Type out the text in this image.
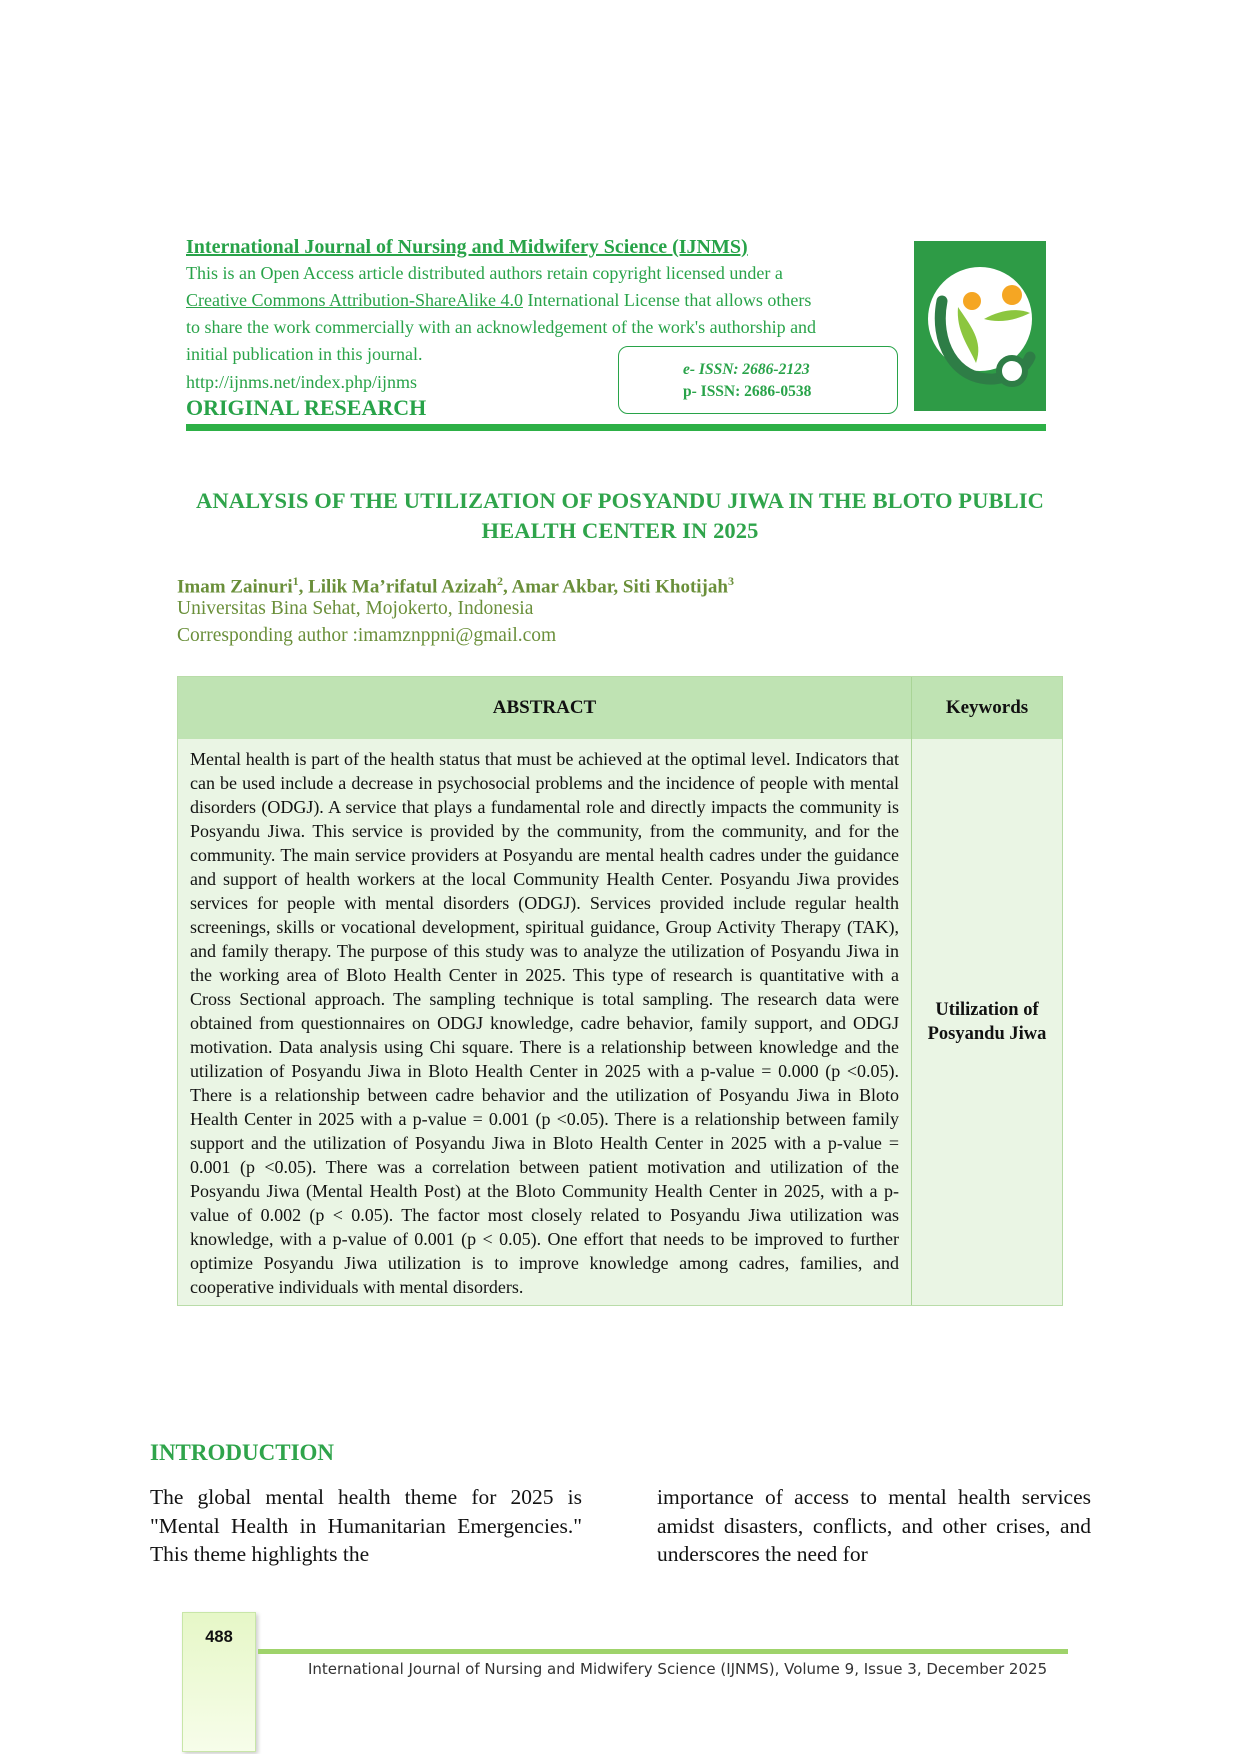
International Journal of Nursing and Midwifery Science (IJNMS)
This is an Open Access article distributed authors retain copyright licensed under a
Creative Commons Attribution-ShareAlike 4.0 International License that allows others
to share the work commercially with an acknowledgement of the work's authorship and
initial publication in this journal.
http://ijnms.net/index.php/ijnms
ORIGINAL RESEARCH
e- ISSN: 2686-2123
p- ISSN: 2686-0538
ANALYSIS OF THE UTILIZATION OF POSYANDU JIWA IN THE BLOTO PUBLIC HEALTH CENTER IN 2025
Imam Zainuri$^1$, Lilik Ma’rifatul Azizah$^2$, Amar Akbar, Siti Khotijah$^3$
Universitas Bina Sehat, Mojokerto, Indonesia
Corresponding author :imamznppni@gmail.com
ABSTRACT	Keywords
Mental health is part of the health status that must be achieved at the optimal level. Indicators that can be used include a decrease in psychosocial problems and the incidence of people with mental disorders (ODGJ). A service that plays a fundamental role and directly impacts the community is Posyandu Jiwa. This service is provided by the community, from the community, and for the community. The main service providers at Posyandu are mental health cadres under the guidance and support of health workers at the local Community Health Center. Posyandu Jiwa provides services for people with mental disorders (ODGJ). Services provided include regular health screenings, skills or vocational development, spiritual guidance, Group Activity Therapy (TAK), and family therapy. The purpose of this study was to analyze the utilization of Posyandu Jiwa in the working area of Bloto Health Center in 2025. This type of research is quantitative with a Cross Sectional approach. The sampling technique is total sampling. The research data were obtained from questionnaires on ODGJ knowledge, cadre behavior, family support, and ODGJ motivation. Data analysis using Chi square. There is a relationship between knowledge and the utilization of Posyandu Jiwa in Bloto Health Center in 2025 with a p-value = 0.000 (p <0.05). There is a relationship between cadre behavior and the utilization of Posyandu Jiwa in Bloto Health Center in 2025 with a p-value = 0.001 (p <0.05). There is a relationship between family support and the utilization of Posyandu Jiwa in Bloto Health Center in 2025 with a p-value = 0.001 (p <0.05). There was a correlation between patient motivation and utilization of the Posyandu Jiwa (Mental Health Post) at the Bloto Community Health Center in 2025, with a p-value of 0.002 (p < 0.05). The factor most closely related to Posyandu Jiwa utilization was knowledge, with a p-value of 0.001 (p < 0.05). One effort that needs to be improved to further optimize Posyandu Jiwa utilization is to improve knowledge among cadres, families, and cooperative individuals with mental disorders.
Utilization of Posyandu Jiwa
INTRODUCTION
The global mental health theme for 2025 is "Mental Health in Humanitarian Emergencies." This theme highlights the
importance of access to mental health services amidst disasters, conflicts, and other crises, and underscores the need for
488
International Journal of Nursing and Midwifery Science (IJNMS), Volume 9, Issue 3, December 2025
